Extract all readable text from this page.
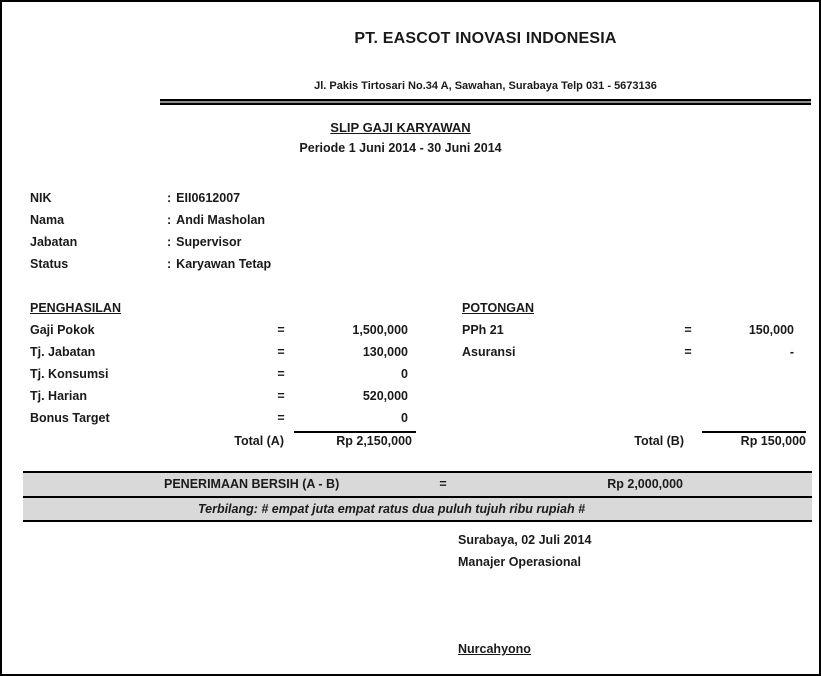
PT. EASCOT INOVASI INDONESIA
Jl. Pakis Tirtosari No.34 A, Sawahan, Surabaya Telp 031 - 5673136
SLIP GAJI KARYAWAN
Periode 1 Juni 2014 - 30 Juni 2014
NIK	: EII0612007
Nama	: Andi Masholan
Jabatan	: Supervisor
Status	: Karyawan Tetap
PENGHASILAN	POTONGAN
Gaji Pokok	=	1,500,000
Tj. Jabatan	=	130,000
Tj. Konsumsi	=	0
Tj. Harian	=	520,000
Bonus Target	=	0
PPh 21	=	150,000
Asuransi	=	-
Total (A)	Rp 2,150,000	Total (B)	Rp 150,000
PENERIMAAN BERSIH (A - B)	=	Rp 2,000,000
Terbilang: # empat juta empat ratus dua puluh tujuh ribu rupiah #
Surabaya, 02 Juli 2014
Manajer Operasional
Nurcahyono
